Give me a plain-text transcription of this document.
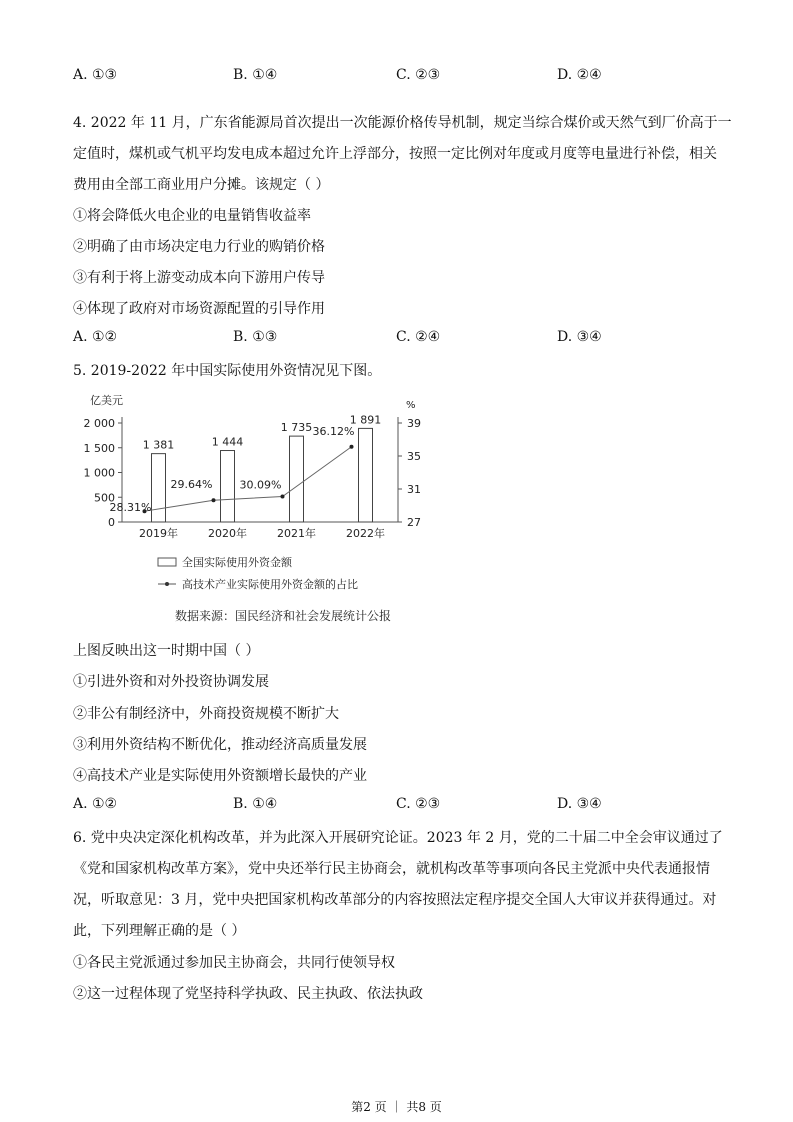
A. ①③	B. ①④	C. ②③	D. ②④
4. 2022 年 11 月，广东省能源局首次提出一次能源价格传导机制，规定当综合煤价或天然气到厂价高于一
定值时，煤机或气机平均发电成本超过允许上浮部分，按照一定比例对年度或月度等电量进行补偿，相关
费用由全部工商业用户分摊。该规定（ ）
①将会降低火电企业的电量销售收益率
②明确了由市场决定电力行业的购销价格
③有利于将上游变动成本向下游用户传导
④体现了政府对市场资源配置的引导作用
A. ①②	B. ①③	C. ②④	D. ③④
5. 2019-2022 年中国实际使用外资情况见下图。
亿美元	%
0
500
1 000
1 500
2 000
27
31
35
39
1 381
2019年
1 444
2020年
1 735
2021年
1 891
2022年
28.31%
29.64% 30.09%
36.12%
全国实际使用外资金额
高技术产业实际使用外资金额的占比
数据来源：国民经济和社会发展统计公报
上图反映出这一时期中国（ ）
①引进外资和对外投资协调发展
②非公有制经济中，外商投资规模不断扩大
③利用外资结构不断优化，推动经济高质量发展
④高技术产业是实际使用外资额增长最快的产业
A. ①②	B. ①④	C. ②③	D. ③④
6. 党中央决定深化机构改革，并为此深入开展研究论证。2023 年 2 月，党的二十届二中全会审议通过了
《党和国家机构改革方案》，党中央还举行民主协商会，就机构改革等事项向各民主党派中央代表通报情
况，听取意见：3 月，党中央把国家机构改革部分的内容按照法定程序提交全国人大审议并获得通过。对
此，下列理解正确的是（ ）
①各民主党派通过参加民主协商会，共同行使领导权
②这一过程体现了党坚持科学执政、民主执政、依法执政
第2 页 ｜ 共8 页
